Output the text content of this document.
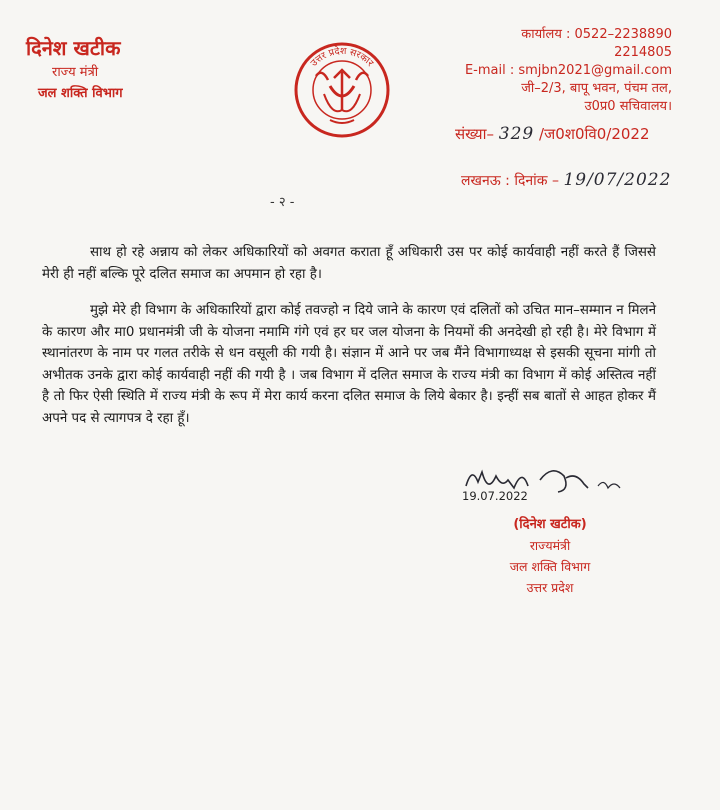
दिनेश खटीक
राज्य मंत्री
जल शक्ति विभाग
उत्तर प्रदेश सरकार
कार्यालय : 0522–2238890
2214805
E-mail : smjbn2021@gmail.com
जी–2/3, बापू भवन, पंचम तल,
उ0प्र0 सचिवालय।
संख्या– 329 /ज0श0वि0/2022
लखनऊ : दिनांक – 19/07/2022
- २ -
साथ हो रहे अन्नाय को लेकर अधिकारियों को अवगत कराता हूँ अधिकारी उस पर कोई कार्यवाही नहीं करते हैं जिससे मेरी ही नहीं बल्कि पूरे दलित समाज का अपमान हो रहा है।
मुझे मेरे ही विभाग के अधिकारियों द्वारा कोई तवज्हो न दिये जाने के कारण एवं दलितों को उचित मान–सम्मान न मिलने के कारण और मा0 प्रधानमंत्री जी के योजना नमामि गंगे एवं हर घर जल योजना के नियमों की अनदेखी हो रही है। मेरे विभाग में स्थानांतरण के नाम पर गलत तरीके से धन वसूली की गयी है। संज्ञान में आने पर जब मैंने विभागाध्यक्ष से इसकी सूचना मांगी तो अभीतक उनके द्वारा कोई कार्यवाही नहीं की गयी है । जब विभाग में दलित समाज के राज्य मंत्री का विभाग में कोई अस्तित्व नहीं है तो फिर ऐसी स्थिति में राज्य मंत्री के रूप में मेरा कार्य करना दलित समाज के लिये बेकार है। इन्हीं सब बातों से आहत होकर मैं अपने पद से त्यागपत्र दे रहा हूँ।
19.07.2022
(दिनेश खटीक)
राज्यमंत्री
जल शक्ति विभाग
उत्तर प्रदेश
